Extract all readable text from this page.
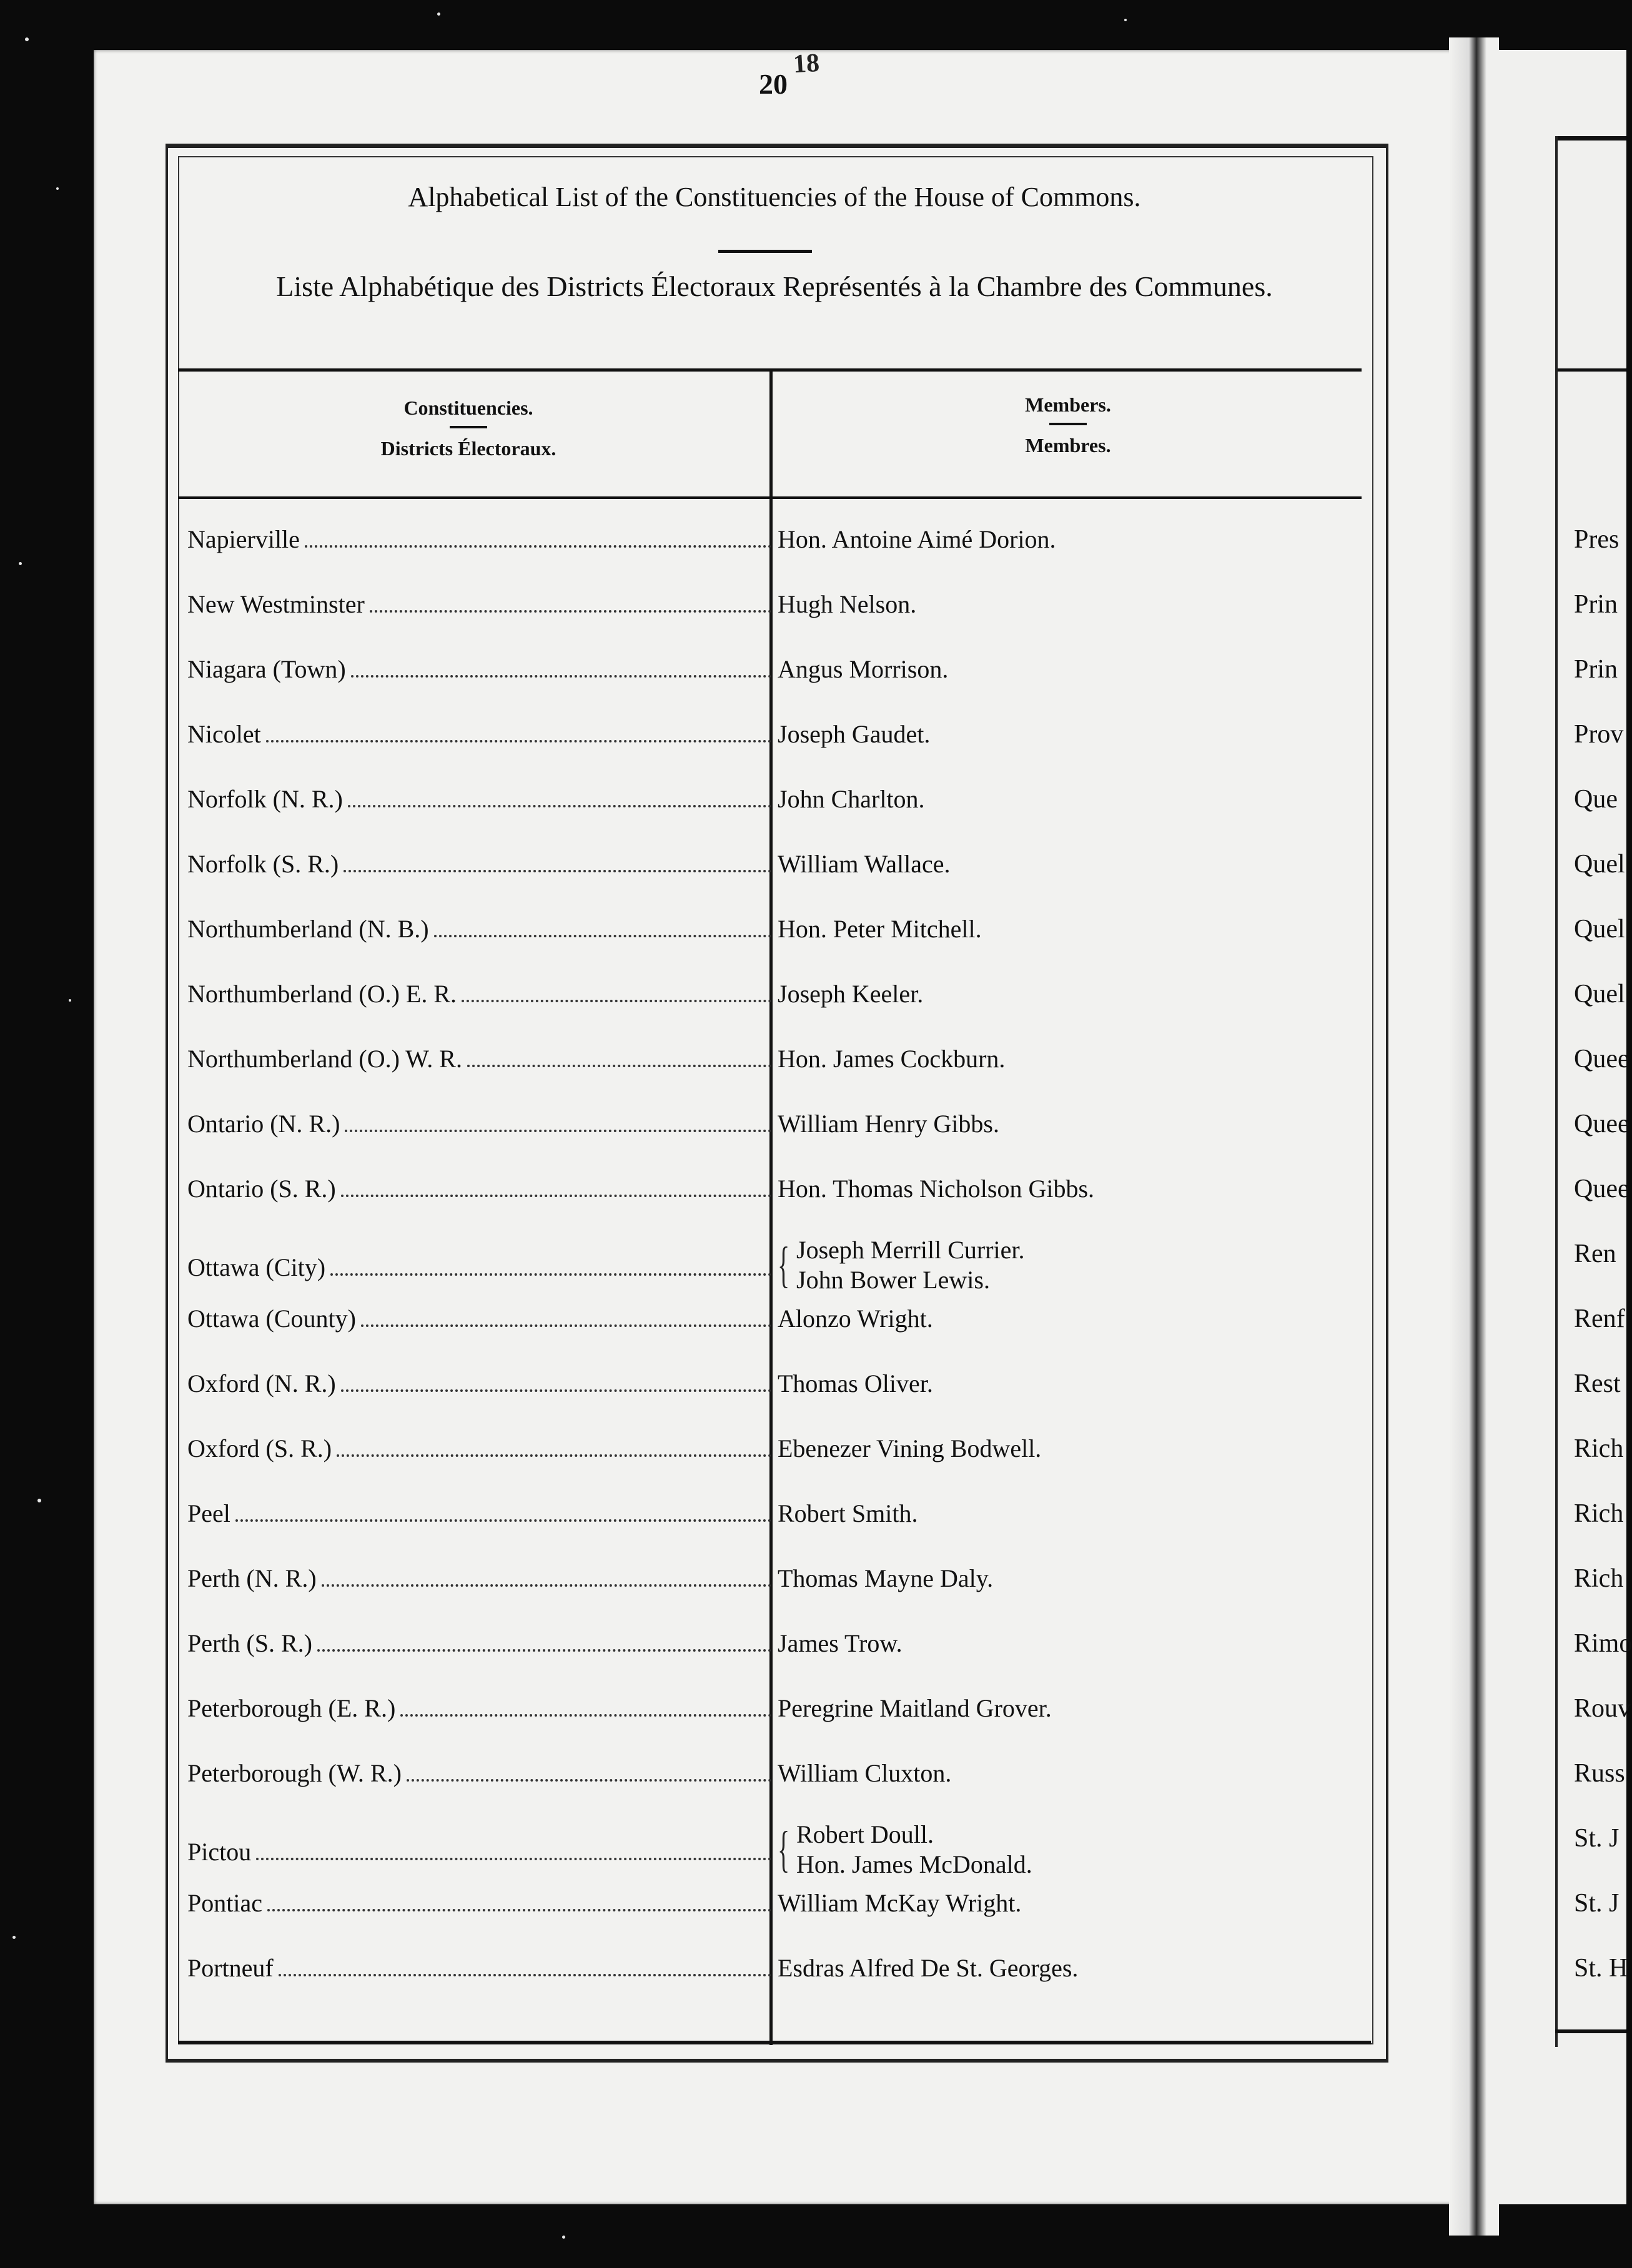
18
20
Alphabetical List of the Constituencies of the House of Commons.
Liste Alphabétique des Districts Électoraux Représentés à la Chambre des Communes.
Constituencies.
Districts Électoraux.
Members.
Membres.
Napierville	Hon. Antoine Aimé Dorion.
New Westminster	Hugh Nelson.
Niagara (Town)	Angus Morrison.
Nicolet	Joseph Gaudet.
Norfolk (N. R.)	John Charlton.
Norfolk (S. R.)	William Wallace.
Northumberland (N. B.)	Hon. Peter Mitchell.
Northumberland (O.) E. R.	Joseph Keeler.
Northumberland (O.) W. R.	Hon. James Cockburn.
Ontario (N. R.)	William Henry Gibbs.
Ontario (S. R.)	Hon. Thomas Nicholson Gibbs.
Ottawa (City)	{ Joseph Merrill Currier.
John Bower Lewis.
Ottawa (County)	Alonzo Wright.
Oxford (N. R.)	Thomas Oliver.
Oxford (S. R.)	Ebenezer Vining Bodwell.
Peel	Robert Smith.
Perth (N. R.)	Thomas Mayne Daly.
Perth (S. R.)	James Trow.
Peterborough (E. R.)	Peregrine Maitland Grover.
Peterborough (W. R.)	William Cluxton.
Pictou	{ Robert Doull.
Hon. James McDonald.
Pontiac	William McKay Wright.
Portneuf	Esdras Alfred De St. Georges.
Pres
Prin
Prin
Prov
Que
Quel
Quel
Quel
Quee
Quee
Quee
Ren
Renf
Rest
Rich
Rich
Rich
Rimo
Rouv
Russ
St. J
St. J
St. H
